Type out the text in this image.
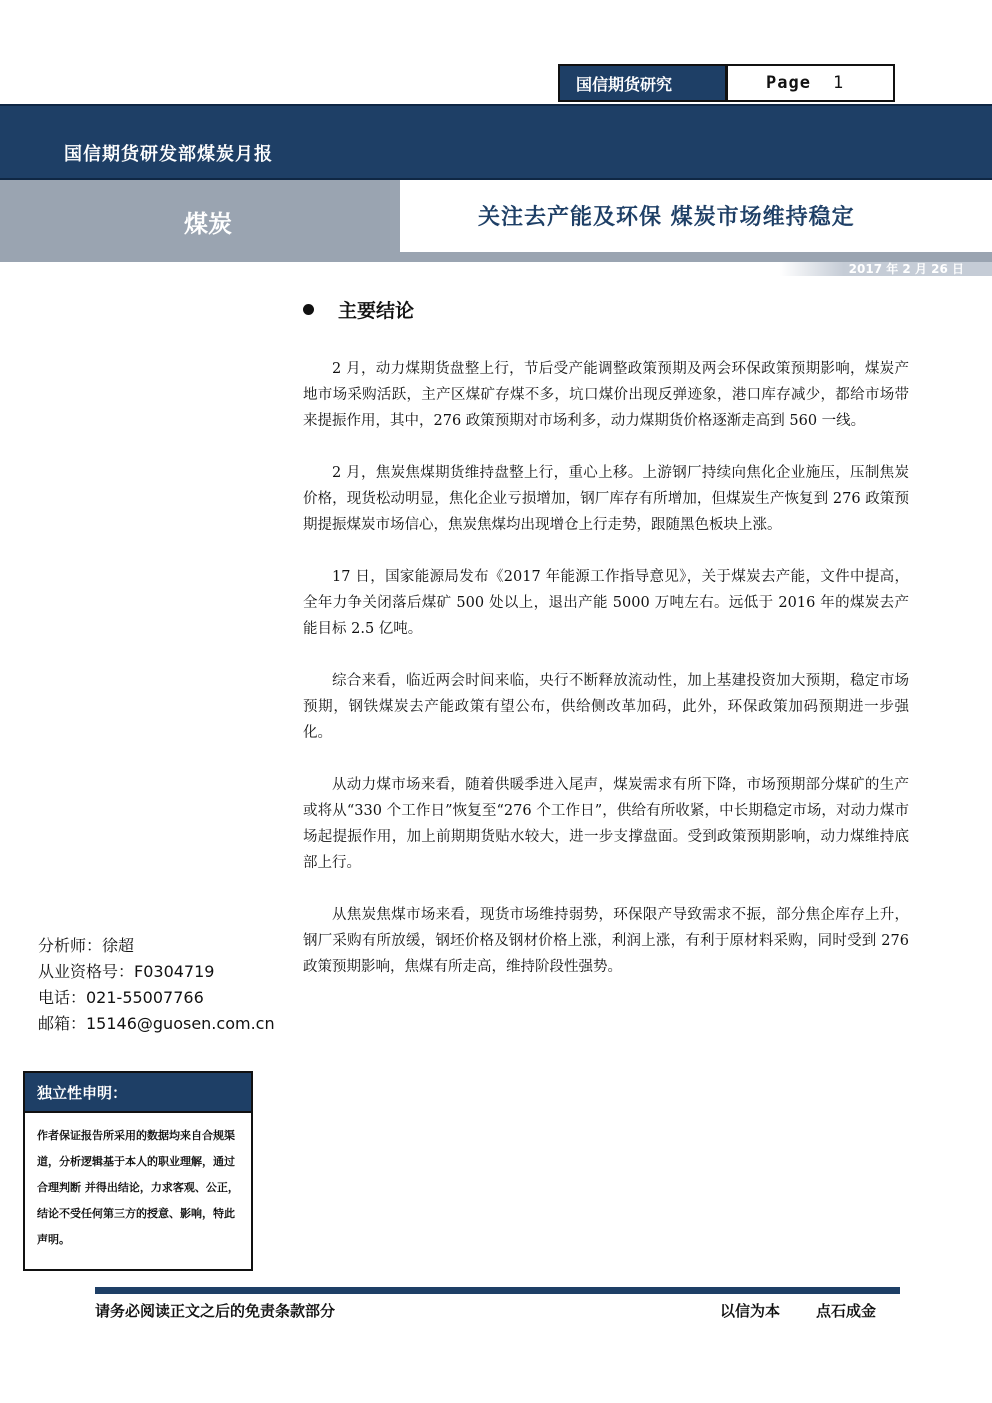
国信期货研究	Page 1
国信期货研发部煤炭月报
煤炭	关注去产能及环保 煤炭市场维持稳定
2017 年 2 月 26 日
主要结论

2 月，动力煤期货盘整上行，节后受产能调整政策预期及两会环保政策预期影响，煤炭产地市场采购活跃，主产区煤矿存煤不多，坑口煤价出现反弹迹象，港口库存减少，都给市场带来提振作用，其中，276 政策预期对市场利多，动力煤期货价格逐渐走高到 560 一线。

2 月，焦炭焦煤期货维持盘整上行，重心上移。上游钢厂持续向焦化企业施压，压制焦炭价格，现货松动明显，焦化企业亏损增加，钢厂库存有所增加，但煤炭生产恢复到 276 政策预期提振煤炭市场信心，焦炭焦煤均出现增仓上行走势，跟随黑色板块上涨。

17 日，国家能源局发布《2017 年能源工作指导意见》，关于煤炭去产能，文件中提高，全年力争关闭落后煤矿 500 处以上，退出产能 5000 万吨左右。远低于 2016 年的煤炭去产能目标 2.5 亿吨。

综合来看，临近两会时间来临，央行不断释放流动性，加上基建投资加大预期，稳定市场预期，钢铁煤炭去产能政策有望公布，供给侧改革加码，此外，环保政策加码预期进一步强化。

从动力煤市场来看，随着供暖季进入尾声，煤炭需求有所下降，市场预期部分煤矿的生产或将从“330 个工作日”恢复至“276 个工作日”，供给有所收紧，中长期稳定市场，对动力煤市场起提振作用，加上前期期货贴水较大，进一步支撑盘面。受到政策预期影响，动力煤维持底部上行。

从焦炭焦煤市场来看，现货市场维持弱势，环保限产导致需求不振，部分焦企库存上升，钢厂采购有所放缓，钢坯价格及钢材价格上涨，利润上涨，有利于原材料采购，同时受到 276 政策预期影响，焦煤有所走高，维持阶段性强势。

分析师：徐超
从业资格号：F0304719
电话：021-55007766
邮箱：15146@guosen.com.cn
独立性申明：
作者保证报告所采用的数据均来自合规渠道，分析逻辑基于本人的职业理解，通过合理判断 并得出结论，力求客观、公正，结论不受任何第三方的授意、影响，特此声明。
请务必阅读正文之后的免责条款部分	以信为本 点石成金
